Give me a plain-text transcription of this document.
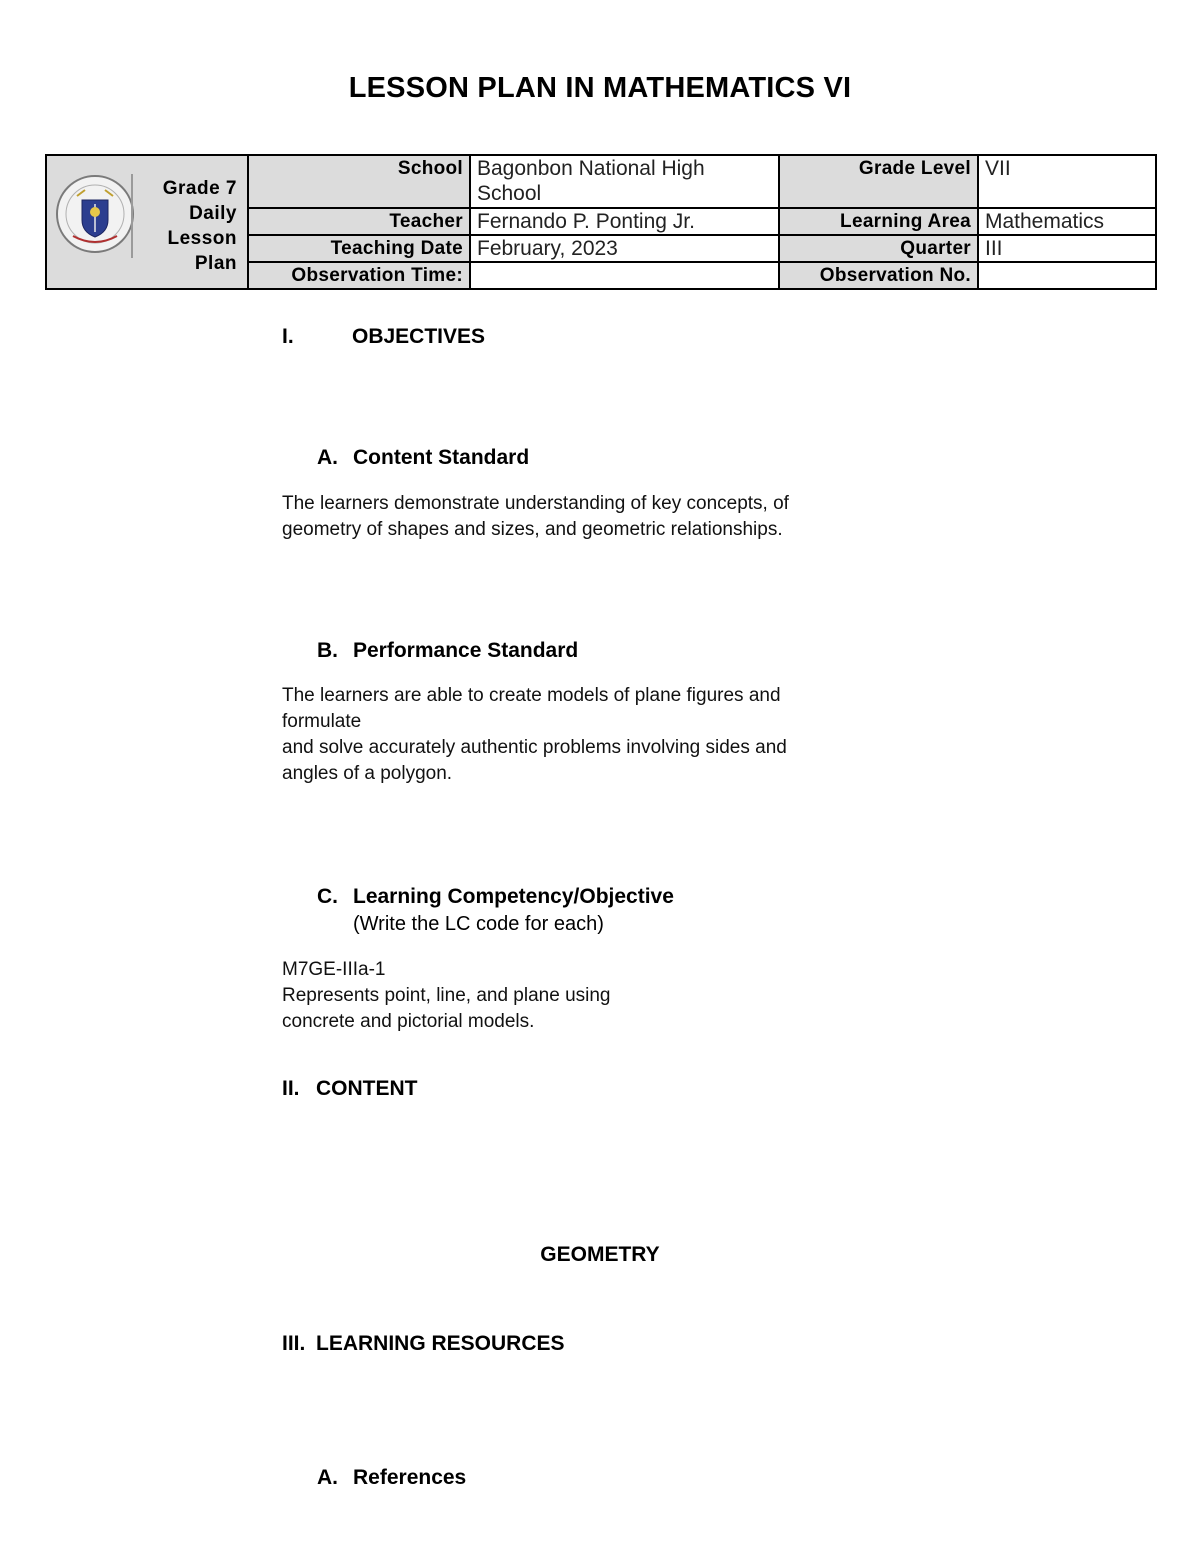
LESSON PLAN IN MATHEMATICS VI
Grade 7
Daily
Lesson
Plan	School	Bagonbon National High School	Grade Level	VII
	Teacher	Fernando P. Ponting Jr.	Learning Area	Mathematics
	Teaching Date	February, 2023	Quarter	III
	Observation Time:		Observation No.	
I.	OBJECTIVES
A. Content Standard
The learners demonstrate understanding of key concepts, of
geometry of shapes and sizes, and geometric relationships.
B. Performance Standard
The learners are able to create models of plane figures and
formulate
and solve accurately authentic problems involving sides and
angles of a polygon.
C. Learning Competency/Objective
(Write the LC code for each)
M7GE-IIIa-1
Represents point, line, and plane using
concrete and pictorial models.
II. CONTENT
GEOMETRY
III. LEARNING RESOURCES
A. References
